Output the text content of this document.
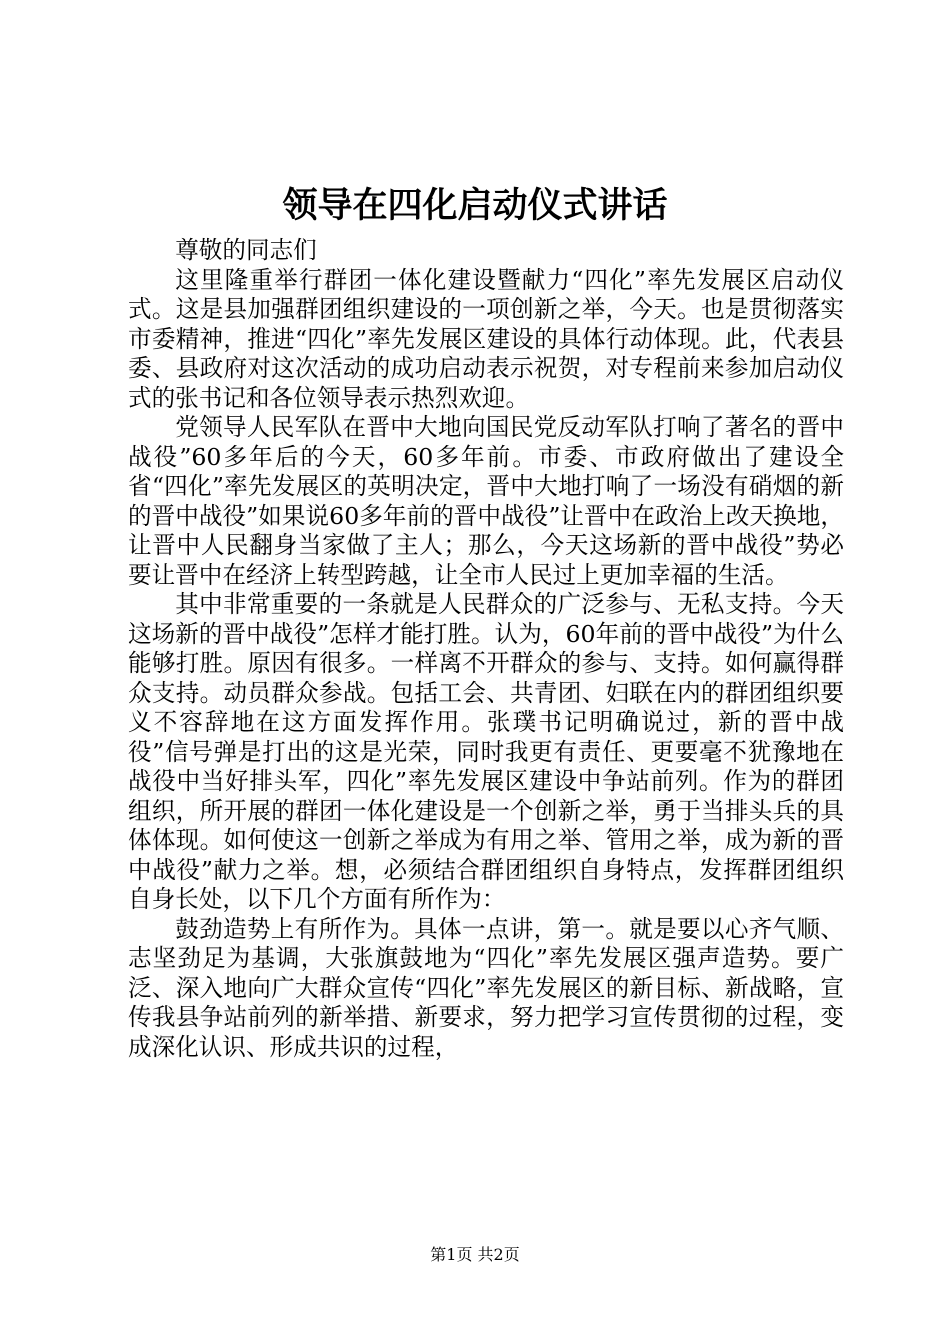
领导在四化启动仪式讲话

尊敬的同志们

这里隆重举行群团一体化建设暨献力“四化”率先发展区启动仪式。这是县加强群团组织建设的一项创新之举，今天。也是贯彻落实市委精神，推进“四化”率先发展区建设的具体行动体现。此，代表县委、县政府对这次活动的成功启动表示祝贺，对专程前来参加启动仪式的张书记和各位领导表示热烈欢迎。

党领导人民军队在晋中大地向国民党反动军队打响了著名的晋中战役”60多年后的今天，60多年前。市委、市政府做出了建设全省“四化”率先发展区的英明决定，晋中大地打响了一场没有硝烟的新的晋中战役”如果说60多年前的晋中战役”让晋中在政治上改天换地，让晋中人民翻身当家做了主人；那么，今天这场新的晋中战役”势必要让晋中在经济上转型跨越，让全市人民过上更加幸福的生活。

其中非常重要的一条就是人民群众的广泛参与、无私支持。今天这场新的晋中战役”怎样才能打胜。认为，60年前的晋中战役”为什么能够打胜。原因有很多。一样离不开群众的参与、支持。如何赢得群众支持。动员群众参战。包括工会、共青团、妇联在内的群团组织要义不容辞地在这方面发挥作用。张璞书记明确说过，新的晋中战役”信号弹是打出的这是光荣，同时我更有责任、更要毫不犹豫地在战役中当好排头军，四化”率先发展区建设中争站前列。作为的群团组织，所开展的群团一体化建设是一个创新之举，勇于当排头兵的具体体现。如何使这一创新之举成为有用之举、管用之举，成为新的晋中战役”献力之举。想，必须结合群团组织自身特点，发挥群团组织自身长处，以下几个方面有所作为：

鼓劲造势上有所作为。具体一点讲，第一。就是要以心齐气顺、志坚劲足为基调，大张旗鼓地为“四化”率先发展区强声造势。要广泛、深入地向广大群众宣传“四化”率先发展区的新目标、新战略，宣传我县争站前列的新举措、新要求，努力把学习宣传贯彻的过程，变成深化认识、形成共识的过程，

第1页 共2页
